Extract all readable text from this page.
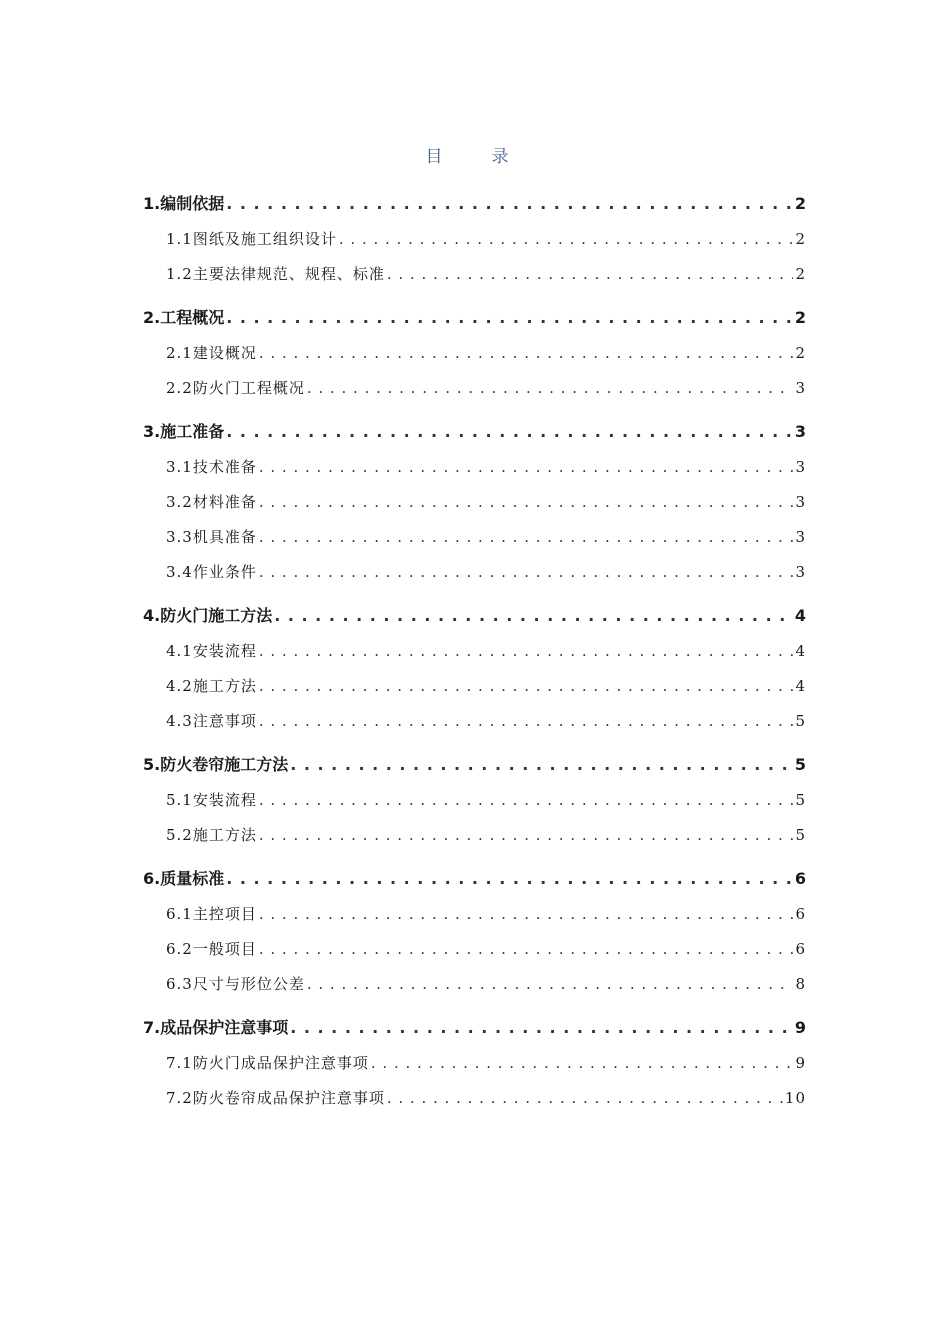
目　录
1.编制依据 . . .	2
1.1图纸及施工组织设计 . . .	2
1.2主要法律规范、规程、标准 . . .	2
2.工程概况 . . .	2
2.1建设概况 . . .	2
2.2防火门工程概况 . . .	3
3.施工准备 . . .	3
3.1技术准备 . . .	3
3.2材料准备 . . .	3
3.3机具准备 . . .	3
3.4作业条件 . . .	3
4.防火门施工方法 . . .	4
4.1安装流程 . . .	4
4.2施工方法 . . .	4
4.3注意事项 . . .	5
5.防火卷帘施工方法 . . .	5
5.1安装流程 . . .	5
5.2施工方法 . . .	5
6.质量标准 . . .	6
6.1主控项目 . . .	6
6.2一般项目 . . .	6
6.3尺寸与形位公差 . . .	8
7.成品保护注意事项 . . .	9
7.1防火门成品保护注意事项 . . .	9
7.2防火卷帘成品保护注意事项 . . .	10
